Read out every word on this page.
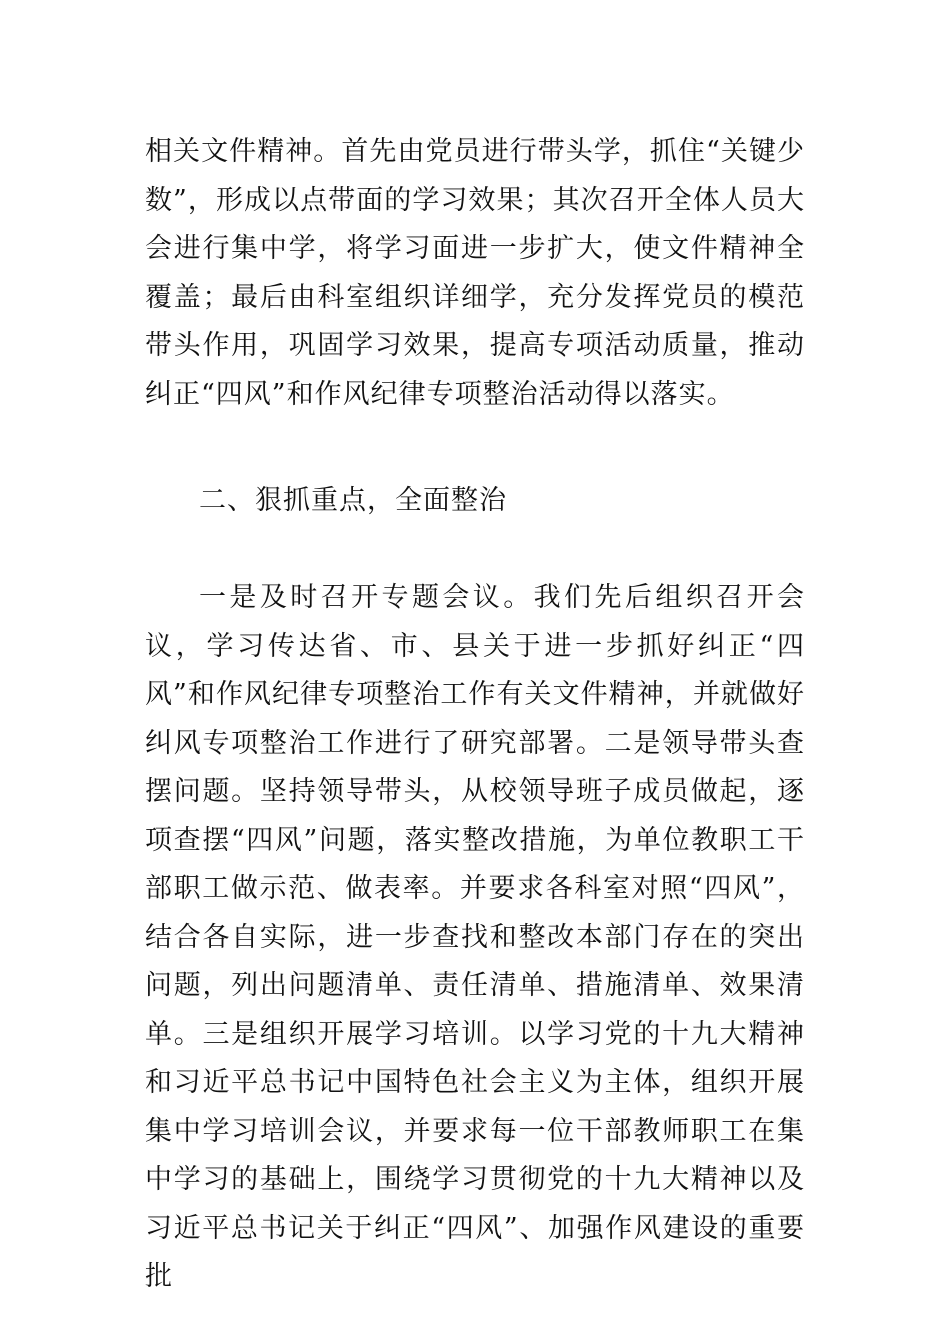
相关文件精神。首先由党员进行带头学，抓住“关键少数”，形成以点带面的学习效果；其次召开全体人员大会进行集中学，将学习面进一步扩大，使文件精神全覆盖；最后由科室组织详细学，充分发挥党员的模范带头作用，巩固学习效果，提高专项活动质量，推动纠正“四风”和作风纪律专项整治活动得以落实。

二、狠抓重点，全面整治

一是及时召开专题会议。我们先后组织召开会议，学习传达省、市、县关于进一步抓好纠正“四风”和作风纪律专项整治工作有关文件精神，并就做好纠风专项整治工作进行了研究部署。二是领导带头查摆问题。坚持领导带头，从校领导班子成员做起，逐项查摆“四风”问题，落实整改措施，为单位教职工干部职工做示范、做表率。并要求各科室对照“四风”，结合各自实际，进一步查找和整改本部门存在的突出问题，列出问题清单、责任清单、措施清单、效果清单。三是组织开展学习培训。以学习党的十九大精神和习近平总书记中国特色社会主义为主体，组织开展集中学习培训会议，并要求每一位干部教师职工在集中学习的基础上，围绕学习贯彻党的十九大精神以及习近平总书记关于纠正“四风”、加强作风建设的重要批
